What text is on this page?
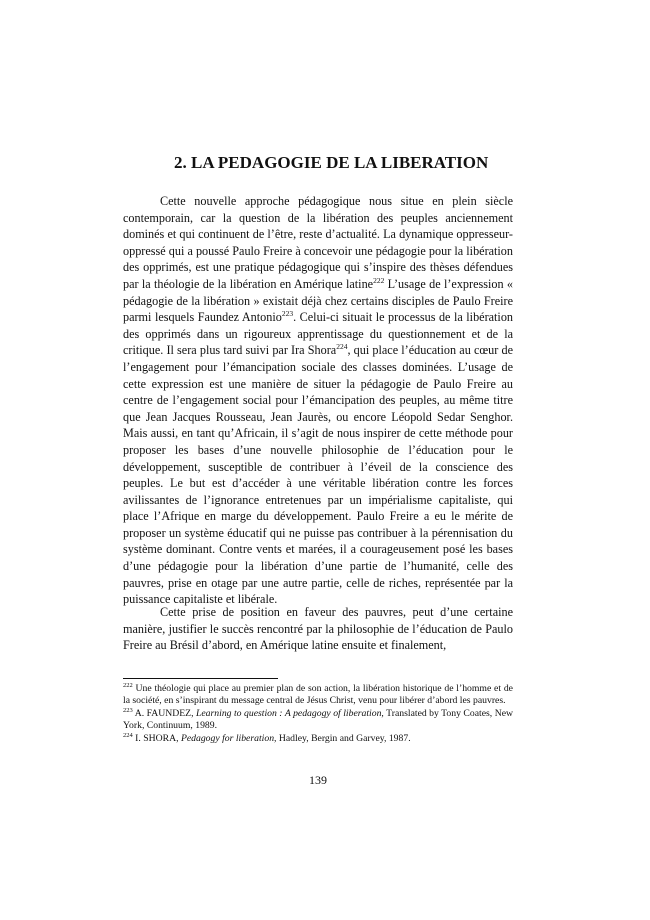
2. LA PEDAGOGIE DE LA LIBERATION

Cette nouvelle approche pédagogique nous situe en plein siècle contemporain, car la question de la libération des peuples anciennement dominés et qui continuent de l’être, reste d’actualité. La dynamique oppresseur-oppressé qui a poussé Paulo Freire à concevoir une pédagogie pour la libération des opprimés, est une pratique pédagogique qui s’inspire des thèses défendues par la théologie de la libération en Amérique latine$^{222}$ L’usage de l’expression « pédagogie de la libération » existait déjà chez certains disciples de Paulo Freire parmi lesquels Faundez Antonio$^{223}$. Celui-ci situait le processus de la libération des opprimés dans un rigoureux apprentissage du questionnement et de la critique. Il sera plus tard suivi par Ira Shora$^{224}$, qui place l’éducation au cœur de l’engagement pour l’émancipation sociale des classes dominées. L’usage de cette expression est une manière de situer la pédagogie de Paulo Freire au centre de l’engagement social pour l’émancipation des peuples, au même titre que Jean Jacques Rousseau, Jean Jaurès, ou encore Léopold Sedar Senghor. Mais aussi, en tant qu’Africain, il s’agit de nous inspirer de cette méthode pour proposer les bases d’une nouvelle philosophie de l’éducation pour le développement, susceptible de contribuer à l’éveil de la conscience des peuples. Le but est d’accéder à une véritable libération contre les forces avilissantes de l’ignorance entretenues par un impérialisme capitaliste, qui place l’Afrique en marge du développement. Paulo Freire a eu le mérite de proposer un système éducatif qui ne puisse pas contribuer à la pérennisation du système dominant. Contre vents et marées, il a courageusement posé les bases d’une pédagogie pour la libération d’une partie de l’humanité, celle des pauvres, prise en otage par une autre partie, celle de riches, représentée par la puissance capitaliste et libérale.

Cette prise de position en faveur des pauvres, peut d’une certaine manière, justifier le succès rencontré par la philosophie de l’éducation de Paulo Freire au Brésil d’abord, en Amérique latine ensuite et finalement,

$^{222}$ Une théologie qui place au premier plan de son action, la libération historique de l’homme et de la société, en s’inspirant du message central de Jésus Christ, venu pour libérer d’abord les pauvres.

$^{223}$ A. FAUNDEZ, Learning to question : A pedagogy of liberation, Translated by Tony Coates, New York, Continuum, 1989.

$^{224}$ I. SHORA, Pedagogy for liberation, Hadley, Bergin and Garvey, 1987.

139
